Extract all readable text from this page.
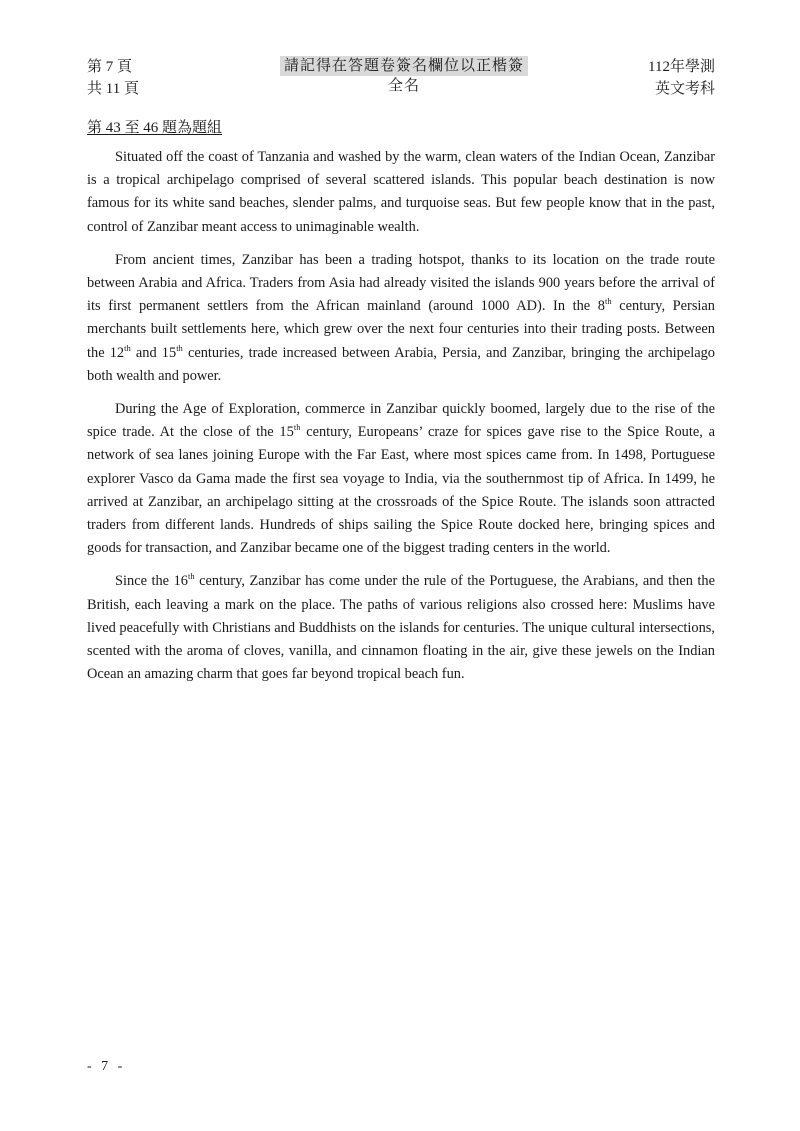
第 7 頁
共 11 頁
請記得在答題卷簽名欄位以正楷簽全名
112年學測
英文考科
第 43 至 46 題為題組

Situated off the coast of Tanzania and washed by the warm, clean waters of the Indian Ocean, Zanzibar is a tropical archipelago comprised of several scattered islands. This popular beach destination is now famous for its white sand beaches, slender palms, and turquoise seas. But few people know that in the past, control of Zanzibar meant access to unimaginable wealth.

From ancient times, Zanzibar has been a trading hotspot, thanks to its location on the trade route between Arabia and Africa. Traders from Asia had already visited the islands 900 years before the arrival of its first permanent settlers from the African mainland (around 1000 AD). In the 8th century, Persian merchants built settlements here, which grew over the next four centuries into their trading posts. Between the 12th and 15th centuries, trade increased between Arabia, Persia, and Zanzibar, bringing the archipelago both wealth and power.

During the Age of Exploration, commerce in Zanzibar quickly boomed, largely due to the rise of the spice trade. At the close of the 15th century, Europeans’ craze for spices gave rise to the Spice Route, a network of sea lanes joining Europe with the Far East, where most spices came from. In 1498, Portuguese explorer Vasco da Gama made the first sea voyage to India, via the southernmost tip of Africa. In 1499, he arrived at Zanzibar, an archipelago sitting at the crossroads of the Spice Route. The islands soon attracted traders from different lands. Hundreds of ships sailing the Spice Route docked here, bringing spices and goods for transaction, and Zanzibar became one of the biggest trading centers in the world.

Since the 16th century, Zanzibar has come under the rule of the Portuguese, the Arabians, and then the British, each leaving a mark on the place. The paths of various religions also crossed here: Muslims have lived peacefully with Christians and Buddhists on the islands for centuries. The unique cultural intersections, scented with the aroma of cloves, vanilla, and cinnamon floating in the air, give these jewels on the Indian Ocean an amazing charm that goes far beyond tropical beach fun.

- 7 -
